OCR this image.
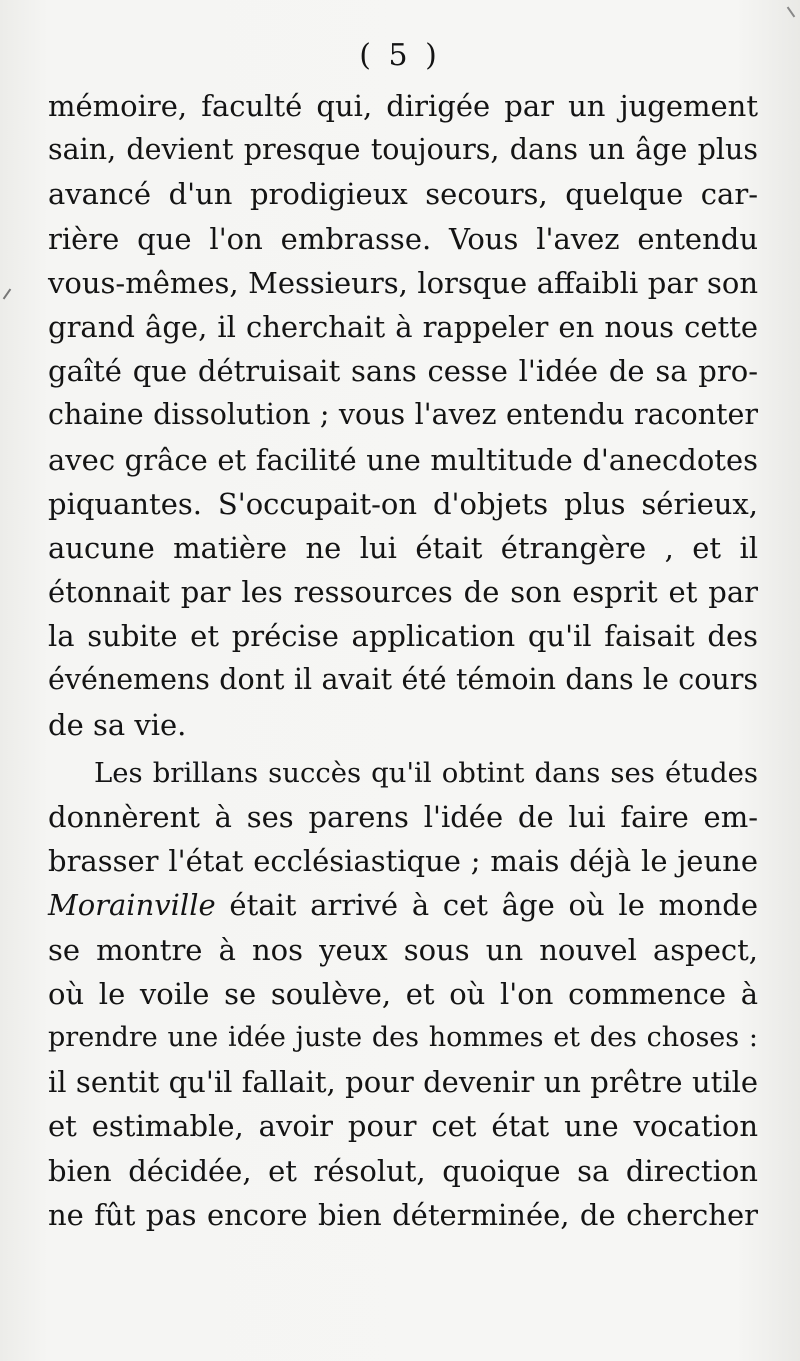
( 5 )
mémoire, faculté qui, dirigée par un jugement
sain, devient presque toujours, dans un âge plus
avancé d'un prodigieux secours, quelque car-
rière que l'on embrasse. Vous l'avez entendu
vous-mêmes, Messieurs, lorsque affaibli par son
grand âge, il cherchait à rappeler en nous cette
gaîté que détruisait sans cesse l'idée de sa pro-
chaine dissolution ; vous l'avez entendu raconter
avec grâce et facilité une multitude d'anecdotes
piquantes. S'occupait-on d'objets plus sérieux,
aucune matière ne lui était étrangère , et il
étonnait par les ressources de son esprit et par
la subite et précise application qu'il faisait des
événemens dont il avait été témoin dans le cours
de sa vie.
Les brillans succès qu'il obtint dans ses études
donnèrent à ses parens l'idée de lui faire em-
brasser l'état ecclésiastique ; mais déjà le jeune
Morainville était arrivé à cet âge où le monde
se montre à nos yeux sous un nouvel aspect,
où le voile se soulève, et où l'on commence à
prendre une idée juste des hommes et des choses :
il sentit qu'il fallait, pour devenir un prêtre utile
et estimable, avoir pour cet état une vocation
bien décidée, et résolut, quoique sa direction
ne fût pas encore bien déterminée, de chercher
